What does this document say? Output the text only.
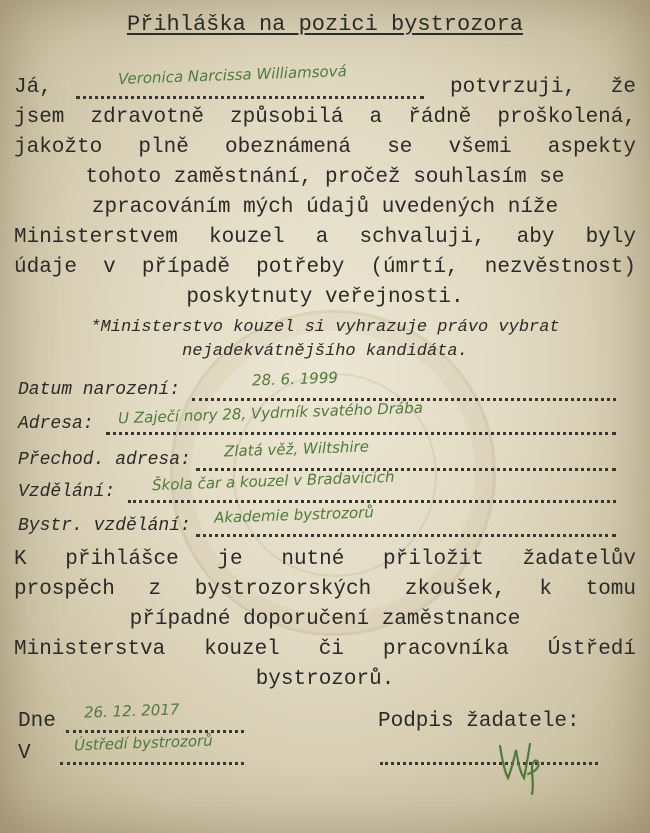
Přihláška na pozici bystrozora
Já,	Veronica Narcissa Williamsová	potvrzuji, že
jsem zdravotně způsobilá a řádně proškolená,
jakožto plně obeznámená se všemi aspekty
tohoto zaměstnání, pročež souhlasím se
zpracováním mých údajů uvedených níže
Ministerstvem kouzel a schvaluji, aby byly
údaje v případě potřeby (úmrtí, nezvěstnost)
poskytnuty veřejnosti.
*Ministerstvo kouzel si vyhrazuje právo vybrat
nejadekvátnějšího kandidáta.
Datum narození:
28. 6. 1999
Adresa: U Zaječí nory 28, Vydrník svatého Drába
Přechod. adresa: Zlatá věž, Wiltshire
Vzdělání: Škola čar a kouzel v Bradavicích
Bystr. vzdělání: Akademie bystrozorů
K přihlášce je nutné přiložit žadatelův
prospěch z bystrozorských zkoušek, k tomu
případné doporučení zaměstnance
Ministerstva kouzel či pracovníka Ústředí
bystrozorů.
Dne 26. 12. 2017
V	Ústředí bystrozorů
Podpis žadatele:
